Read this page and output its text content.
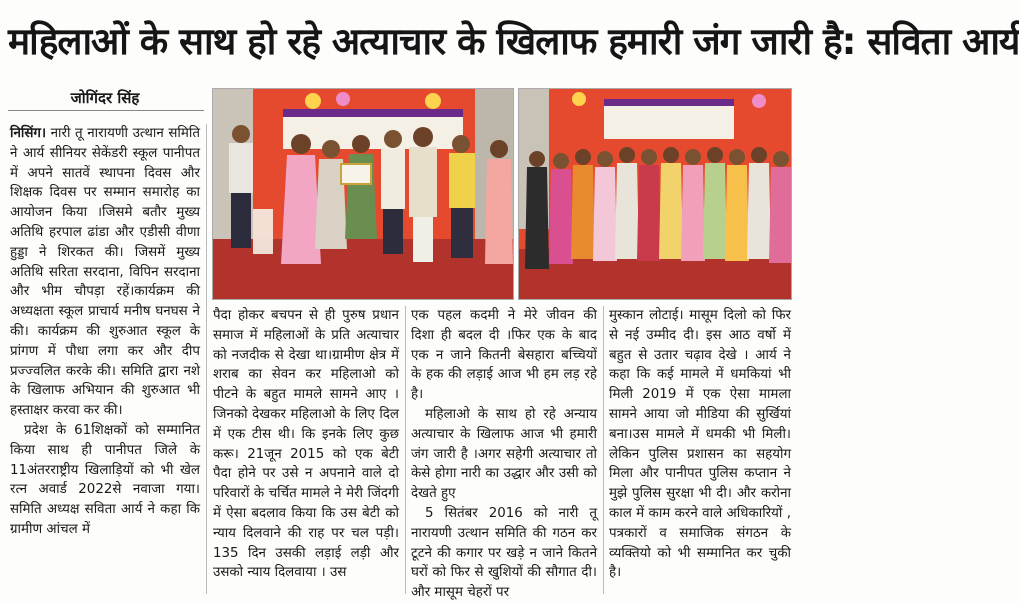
महिलाओं के साथ हो रहे अत्याचार के खिलाफ हमारी जंग जारी है: सविता आर्य
जोगिंदर सिंह

निसिंग। नारी तू नारायणी उत्थान समिति ने आर्य सीनियर सेकेंडरी स्कूल पानीपत में अपने सातवें स्थापना दिवस और शिक्षक दिवस पर सम्मान समारोह का आयोजन किया ।जिसमे बतौर मुख्य अतिथि हरपाल ढांडा और एडीसी वीणा हुड्डा ने शिरकत की। जिसमें मुख्य अतिथि सरिता सरदाना, विपिन सरदाना और भीम चौपड़ा रहें।कार्यक्रम की अध्यक्षता स्कूल प्राचार्य मनीष घनघस ने की। कार्यक्रम की शुरुआत स्कूल के प्रांगण में पौधा लगा कर और दीप प्रज्ज्वलित करके की। समिति द्वारा नशे के खिलाफ अभियान की शुरुआत भी हस्ताक्षर करवा कर की।

प्रदेश के 61शिक्षकों को सम्मानित किया साथ ही पानीपत जिले के 11अंतरराष्ट्रीय खिलाड़ियों को भी खेल रत्न अवार्ड 2022से नवाजा गया। समिति अध्यक्ष सविता आर्य ने कहा कि ग्रामीण आंचल में

पैदा होकर बचपन से ही पुरुष प्रधान समाज में महिलाओं के प्रति अत्याचार को नजदीक से देखा था।ग्रामीण क्षेत्र में शराब का सेवन कर महिलाओ को पीटने के बहुत मामले सामने आए ।जिनको देखकर महिलाओ के लिए दिल में एक टीस थी। कि इनके लिए कुछ करू। 21जून 2015 को एक बेटी पैदा होने पर उसे न अपनाने वाले दो परिवारों के चर्चित मामले ने मेरी जिंदगी में ऐसा बदलाव किया कि उस बेटी को न्याय दिलवाने की राह पर चल पड़ी।135 दिन उसकी लड़ाई लड़ी और उसको न्याय दिलवाया । उस

एक पहल कदमी ने मेरे जीवन की दिशा ही बदल दी ।फिर एक के बाद एक न जाने कितनी बेसहारा बच्चियों के हक की लड़ाई आज भी हम लड़ रहे है।

महिलाओ के साथ हो रहे अन्याय अत्याचार के खिलाफ आज भी हमारी जंग जारी है ।अगर सहेगी अत्याचार तो केसे होगा नारी का उद्धार और उसी को देखते हुए

5 सितंबर 2016 को नारी तू नारायणी उत्थान समिति की गठन कर टूटने की कगार पर खड़े न जाने कितने घरों को फिर से खुशियों की सौगात दी। और मासूम चेहरों पर

मुस्कान लोटाई। मासूम दिलो को फिर से नई उम्मीद दी। इस आठ वर्षो में बहुत से उतार चढ़ाव देखे । आर्य ने कहा कि कई मामले में धमकियां भी मिली 2019 में एक ऐसा मामला सामने आया जो मीडिया की सुर्खियां बना।उस मामले में धमकी भी मिली। लेकिन पुलिस प्रशासन का सहयोग मिला और पानीपत पुलिस कप्तान ने मुझे पुलिस सुरक्षा भी दी। और करोना काल में काम करने वाले अधिकारियों , पत्रकारों व समाजिक संगठन के व्यक्तियो को भी सम्मानित कर चुकी है।
